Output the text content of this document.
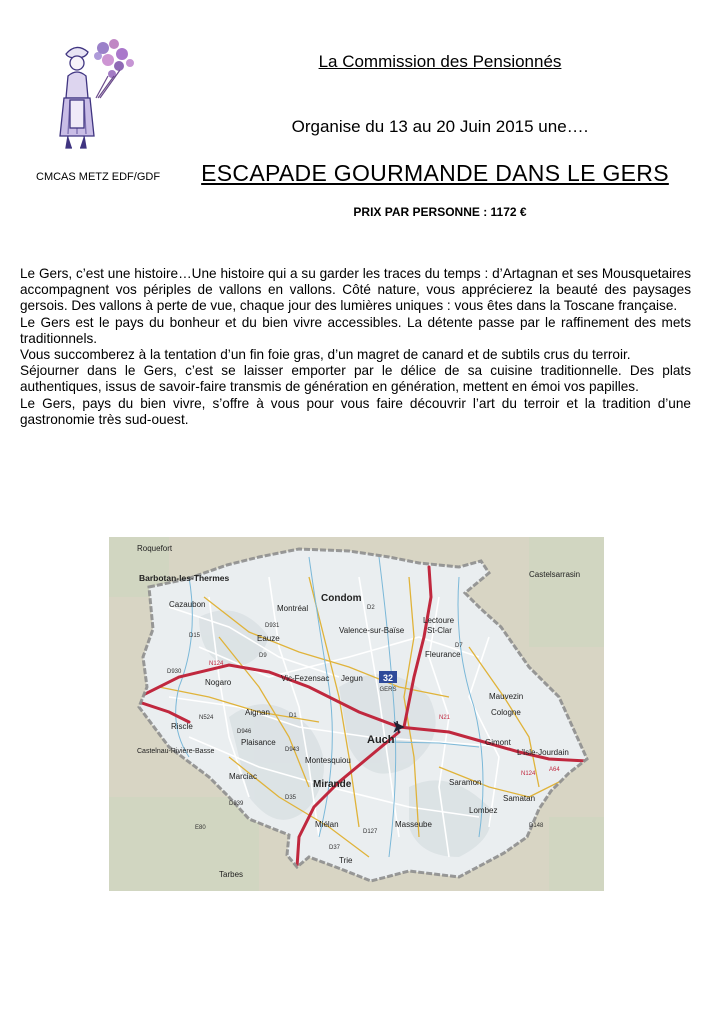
CMCAS METZ EDF/GDF
La Commission des Pensionnés
Organise du 13 au 20 Juin 2015 une….
ESCAPADE GOURMANDE DANS LE GERS
PRIX PAR PERSONNE : 1172 €

Le Gers, c’est une histoire…Une histoire qui a su garder les traces du temps : d’Artagnan et ses Mousquetaires accompagnent vos périples de vallons en vallons. Côté nature, vous apprécierez la beauté des paysages gersois. Des vallons à perte de vue, chaque jour des lumières uniques : vous êtes dans la Toscane française.

Le Gers est le pays du bonheur et du bien vivre accessibles. La détente passe par le raffinement des mets traditionnels.

Vous succomberez à la tentation d’un fin foie gras, d’un magret de canard et de subtils crus du terroir.

Séjourner dans le Gers, c’est se laisser emporter par le délice de sa cuisine traditionnelle. Des plats authentiques, issus de savoir-faire transmis de génération en génération, mettent en émoi vos papilles.

Le Gers, pays du bien vivre, s’offre à vous pour vous faire découvrir l’art du terroir et la tradition d’une gastronomie très sud-ouest.

32
GERS
Roquefort
Barbotan-les-Thermes
Cazaubon	Montréal
Condom
Lectoure
St-Clar
Castelsarrasin
Eauze
Valence-sur-Baïse
Fleurance
Nogaro	Vic-Fezensac Jegun
Riscle
Aignan
Mauvezin
Cologne
Plaisance	Auch	Gimont
L'Isle-Jourdain
Castelnau-Rivière-Basse
Marciac
Mirande
Montesquiou
Saramon
Samatan
Lombez
Miélan	Masseube
Trie
Tarbes
D1
D2
D7
D9
D15
D35
D37
D127
D148
D930
D931
D939
D943
D946
N21
N124
N124
N524
A64
E80
